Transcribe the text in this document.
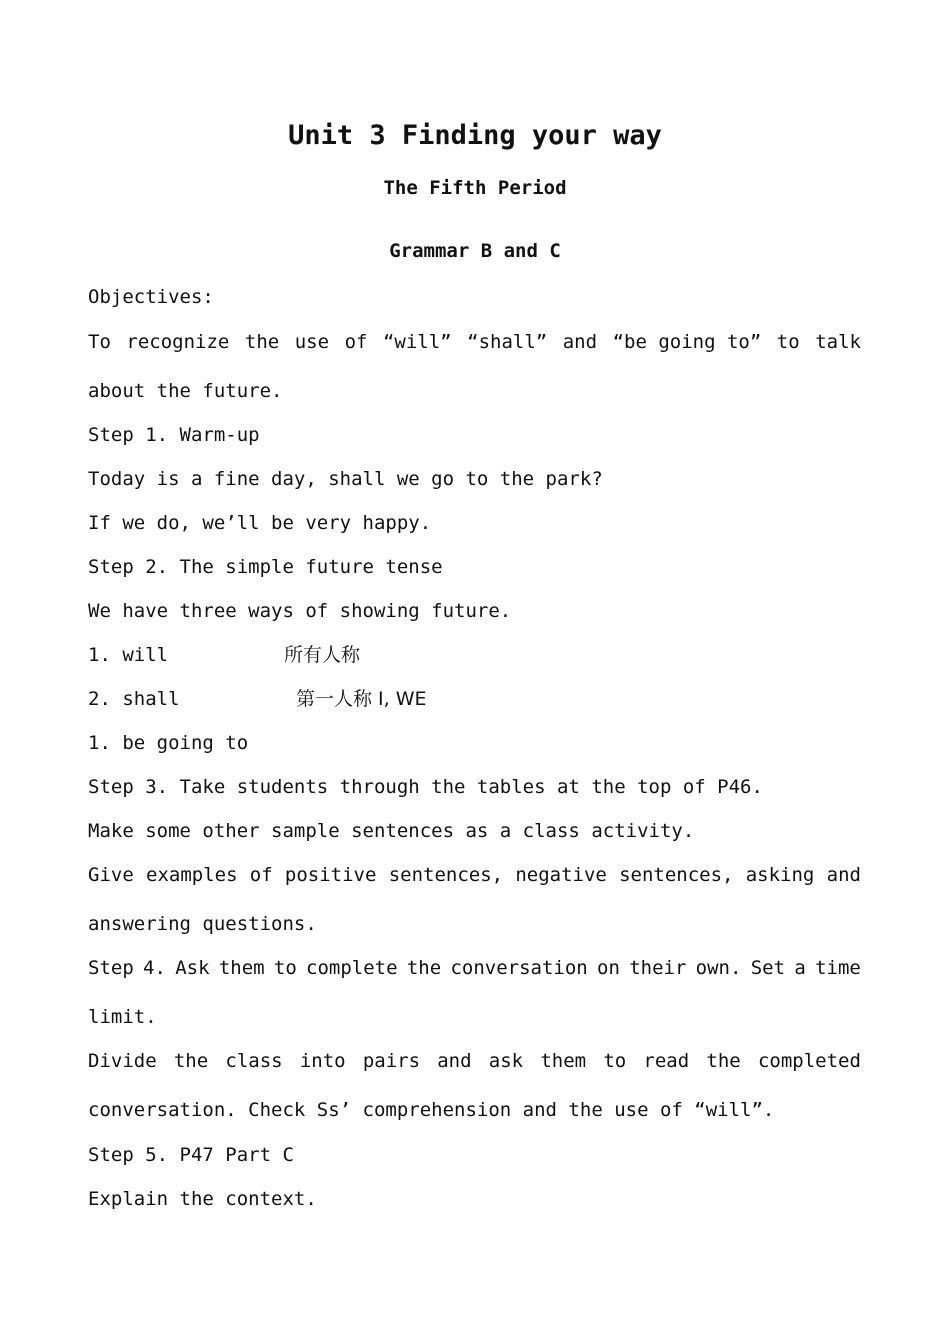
Unit 3 Finding your way
The Fifth Period
Grammar B and C
Objectives:
To recognize the use of “will” “shall” and “be going to” to talk
about the future.
Step 1. Warm-up
Today is a fine day, shall we go to the park?
If we do, we’ll be very happy.
Step 2. The simple future tense
We have three ways of showing future.
1. will	所有人称
2. shall	第一人称 I, WE
1. be going to
Step 3. Take students through the tables at the top of P46.
Make some other sample sentences as a class activity.
Give examples of positive sentences, negative sentences, asking and
answering questions.
Step 4. Ask them to complete the conversation on their own. Set a time
limit.
Divide the class into pairs and ask them to read the completed
conversation. Check Ss’ comprehension and the use of “will”.
Step 5. P47 Part C
Explain the context.
